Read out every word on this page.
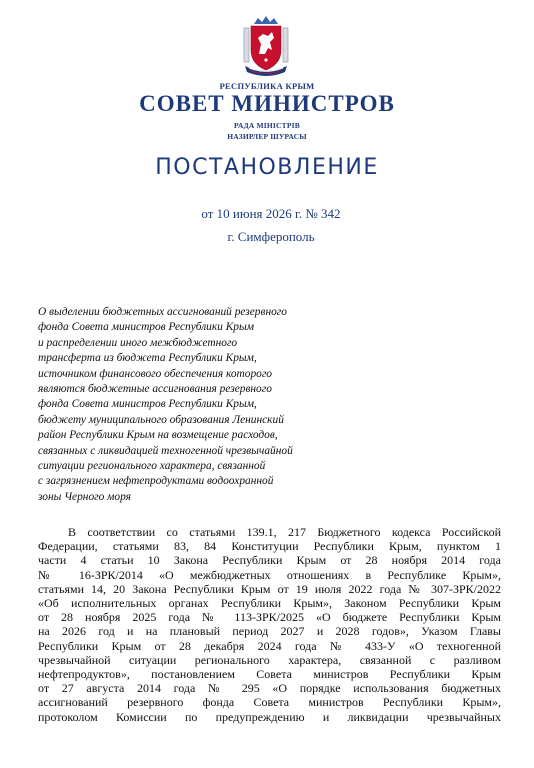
РЕСПУБЛИКА КРЫМ
СОВЕТ МИНИСТРОВ
РАДА МІНІСТРІВ
НАЗИРЛЕР ШУРАСЫ
ПОСТАНОВЛЕНИЕ
от 10 июня 2026 г. № 342
г. Симферополь
О выделении бюджетных ассигнований резервного
фонда Совета министров Республики Крым
и распределении иного межбюджетного
трансферта из бюджета Республики Крым,
источником финансового обеспечения которого
являются бюджетные ассигнования резервного
фонда Совета министров Республики Крым,
бюджету муниципального образования Ленинский
район Республики Крым на возмещение расходов,
связанных с ликвидацией техногенной чрезвычайной
ситуации регионального характера, связанной
с загрязнением нефтепродуктами водоохранной
зоны Черного моря
В соответствии со статьями 139.1, 217 Бюджетного кодекса Российской
Федерации, статьями 83, 84 Конституции Республики Крым, пунктом 1
части 4 статьи 10 Закона Республики Крым от 28 ноября 2014 года
№ 16-ЗРК/2014 «О межбюджетных отношениях в Республике Крым»,
статьями 14, 20 Закона Республики Крым от 19 июля 2022 года № 307-ЗРК/2022
«Об исполнительных органах Республики Крым», Законом Республики Крым
от 28 ноября 2025 года № 113-ЗРК/2025 «О бюджете Республики Крым
на 2026 год и на плановый период 2027 и 2028 годов», Указом Главы
Республики Крым от 28 декабря 2024 года № 433-У «О техногенной
чрезвычайной ситуации регионального характера, связанной с разливом
нефтепродуктов», постановлением Совета министров Республики Крым
от 27 августа 2014 года № 295 «О порядке использования бюджетных
ассигнований резервного фонда Совета министров Республики Крым»,
протоколом Комиссии по предупреждению и ликвидации чрезвычайных
